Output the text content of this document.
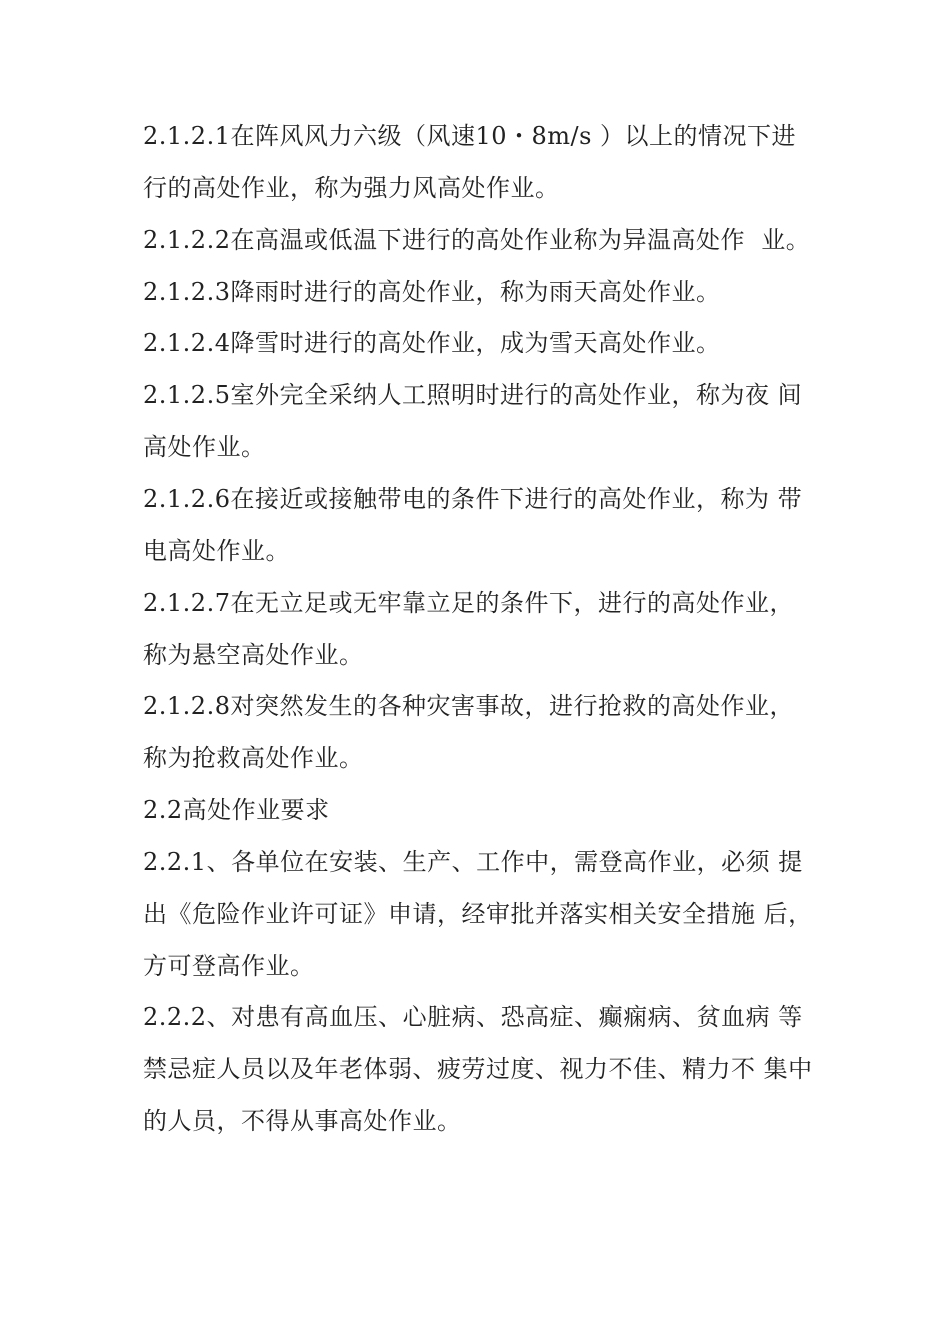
2.1.2.1在阵风风力六级（风速10・8m/s ）以上的情况下进
行的高处作业，称为强力风高处作业。
2.1.2.2在高温或低温下进行的高处作业称为异温高处作  业。
2.1.2.3降雨时进行的高处作业，称为雨天高处作业。
2.1.2.4降雪时进行的高处作业，成为雪天高处作业。
2.1.2.5室外完全采纳人工照明时进行的高处作业，称为夜 间
高处作业。
2.1.2.6在接近或接触带电的条件下进行的高处作业，称为 带
电高处作业。
2.1.2.7在无立足或无牢靠立足的条件下，进行的高处作业，
称为悬空高处作业。
2.1.2.8对突然发生的各种灾害事故，进行抢救的高处作业，
称为抢救高处作业。
2.2高处作业要求
2.2.1、各单位在安装、生产、工作中，需登高作业，必须 提
出《危险作业许可证》申请，经审批并落实相关安全措施 后，
方可登高作业。
2.2.2、对患有高血压、心脏病、恐高症、癫痫病、贫血病 等
禁忌症人员以及年老体弱、疲劳过度、视力不佳、精力不 集中
的人员，不得从事高处作业。
